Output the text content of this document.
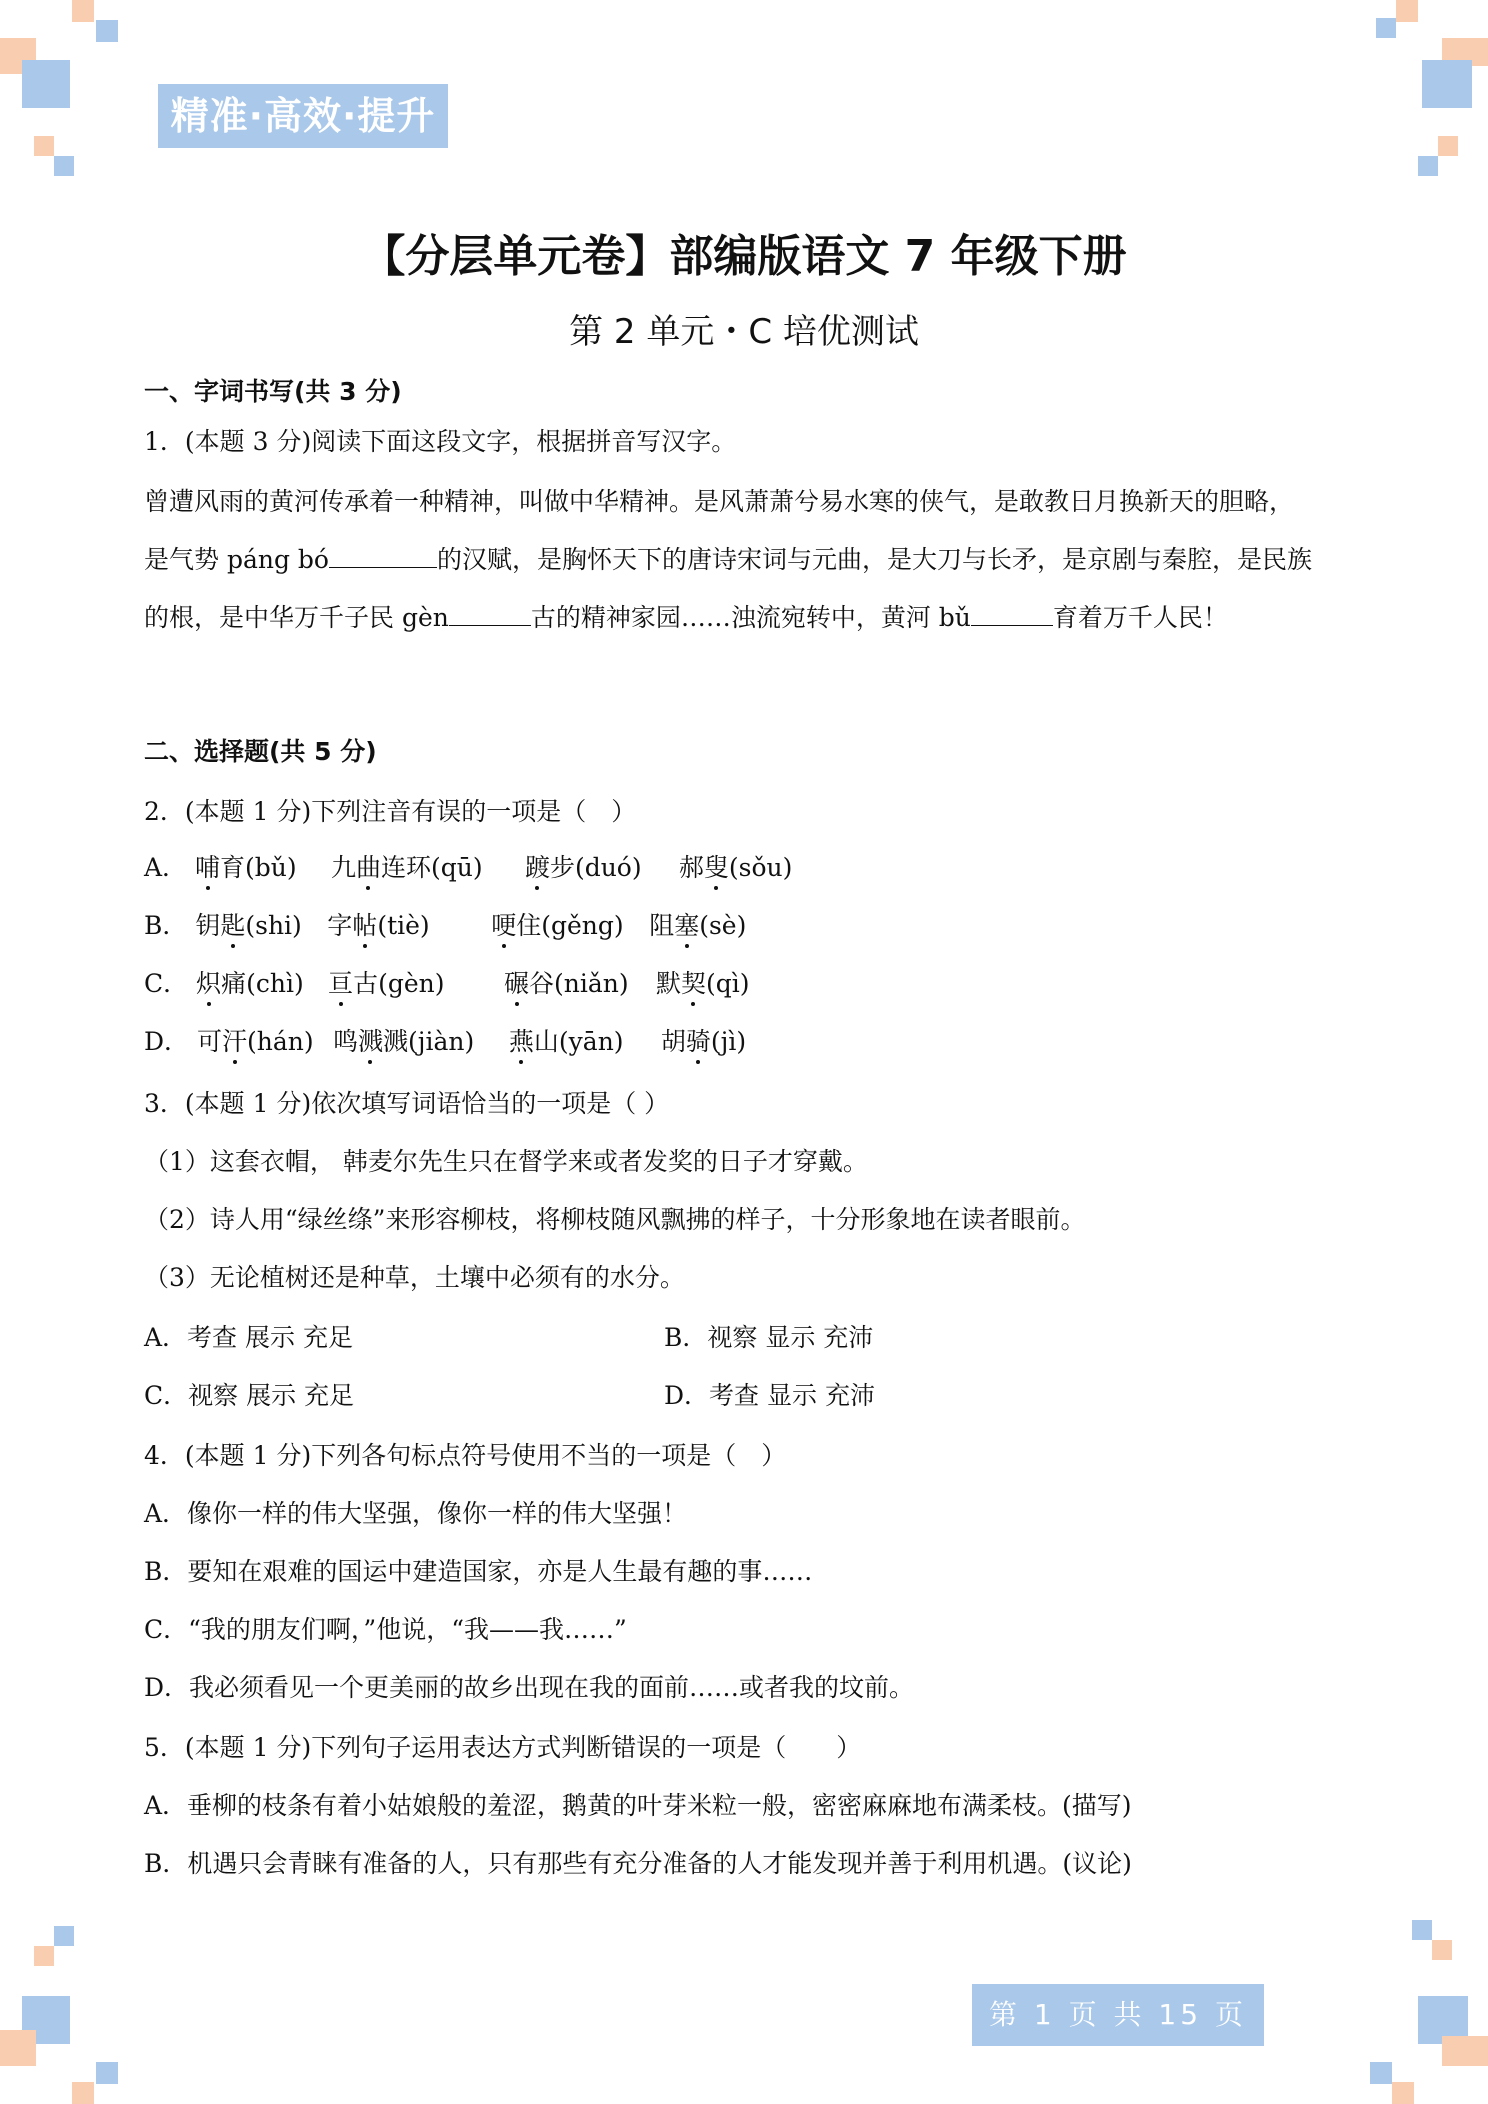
精准·高效·提升
【分层单元卷】部编版语文 7 年级下册
第 2 单元・C 培优测试
一、字词书写(共 3 分)
1．(本题 3 分)阅读下面这段文字，根据拼音写汉字。
曾遭风雨的黄河传承着一种精神，叫做中华精神。是风萧萧兮易水寒的侠气，是敢教日月换新天的胆略，
是气势 páng bó	的汉赋，是胸怀天下的唐诗宋词与元曲，是大刀与长矛，是京剧与秦腔，是民族
的根，是中华万千子民 gèn	古的精神家园……浊流宛转中，黄河 bǔ	育着万千人民！
二、选择题(共 5 分)
2．(本题 1 分)下列注音有误的一项是（　）
A． 哺育(bǔ) 九曲连环(qū) 踱步(duó) 郝叟(sǒu)
B． 钥匙(shi) 字帖(tiè) 哽住(gěng) 阻塞(sè)
C． 炽痛(chì) 亘古(gèn) 碾谷(niǎn) 默契(qì)
D． 可汗(hán) 鸣溅溅(jiàn) 燕山(yān) 胡骑(jì)
3．(本题 1 分)依次填写词语恰当的一项是（ ）
（1）这套衣帽， 韩麦尔先生只在督学来或者发奖的日子才穿戴。
（2）诗人用“绿丝绦”来形容柳枝，将柳枝随风飘拂的样子，十分形象地在读者眼前。
（3）无论植树还是种草，土壤中必须有的水分。
A．考查 展示 充足	B．视察 显示 充沛
C．视察 展示 充足	D．考查 显示 充沛
4．(本题 1 分)下列各句标点符号使用不当的一项是（　）
A．像你一样的伟大坚强，像你一样的伟大坚强！
B．要知在艰难的国运中建造国家，亦是人生最有趣的事……
C．“我的朋友们啊，”他说，“我——我……”
D．我必须看见一个更美丽的故乡出现在我的面前……或者我的坟前。
5．(本题 1 分)下列句子运用表达方式判断错误的一项是（　　）
A．垂柳的枝条有着小姑娘般的羞涩，鹅黄的叶芽米粒一般，密密麻麻地布满柔枝。(描写)
B．机遇只会青睐有准备的人，只有那些有充分准备的人才能发现并善于利用机遇。(议论)
第 1 页 共 15 页
